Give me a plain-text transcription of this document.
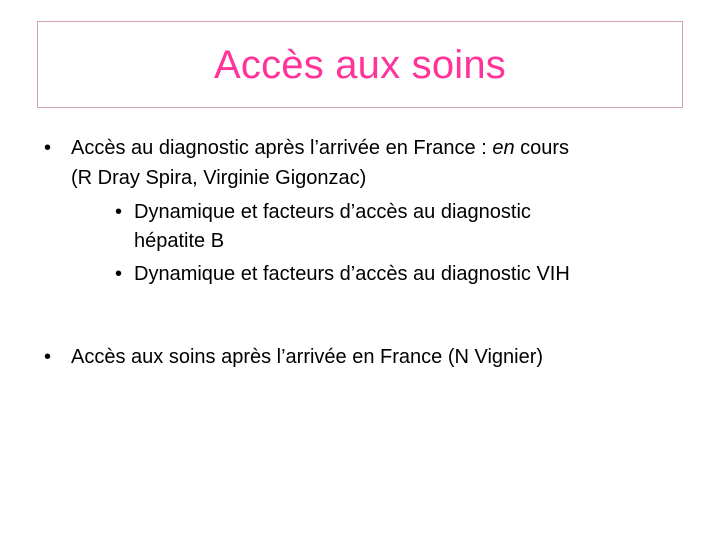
Accès aux soins
• Accès au diagnostic après l’arrivée en France : en cours
(R Dray Spira, Virginie Gigonzac)
• Dynamique et facteurs d’accès au diagnostic
hépatite B
• Dynamique et facteurs d’accès au diagnostic VIH
• Accès aux soins après l’arrivée en France (N Vignier)
